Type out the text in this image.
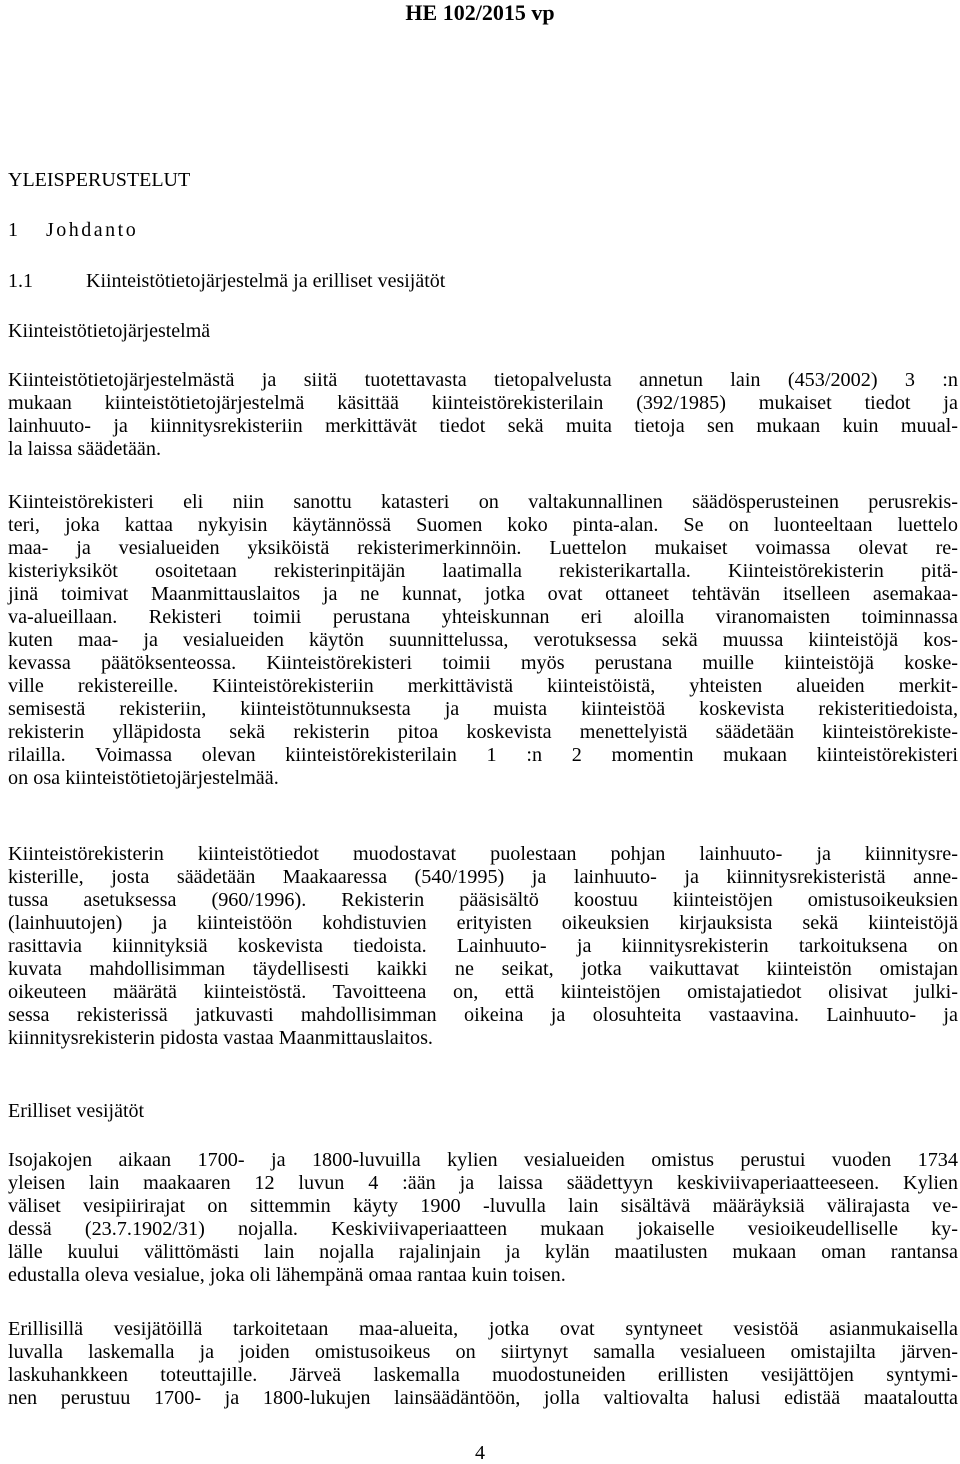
HE 102/2015 vp
YLEISPERUSTELUT
1 Johdanto
1.1	Kiinteistötietojärjestelmä ja erilliset vesijätöt
Kiinteistötietojärjestelmä
Kiinteistötietojärjestelmästä ja siitä tuotettavasta tietopalvelusta annetun lain (453/2002) 3 :n
mukaan kiinteistötietojärjestelmä käsittää kiinteistörekisterilain (392/1985) mukaiset tiedot ja
lainhuuto- ja kiinnitysrekisteriin merkittävät tiedot sekä muita tietoja sen mukaan kuin muual-
la laissa säädetään.
Kiinteistörekisteri eli niin sanottu katasteri on valtakunnallinen säädösperusteinen perusrekis-
teri, joka kattaa nykyisin käytännössä Suomen koko pinta-alan. Se on luonteeltaan luettelo
maa- ja vesialueiden yksiköistä rekisterimerkinnöin. Luettelon mukaiset voimassa olevat re-
kisteriyksiköt osoitetaan rekisterinpitäjän laatimalla rekisterikartalla. Kiinteistörekisterin pitä-
jinä toimivat Maanmittauslaitos ja ne kunnat, jotka ovat ottaneet tehtävän itselleen asemakaa-
va-alueillaan. Rekisteri toimii perustana yhteiskunnan eri aloilla viranomaisten toiminnassa
kuten maa- ja vesialueiden käytön suunnittelussa, verotuksessa sekä muussa kiinteistöjä kos-
kevassa päätöksenteossa. Kiinteistörekisteri toimii myös perustana muille kiinteistöjä koske-
ville rekistereille. Kiinteistörekisteriin merkittävistä kiinteistöistä, yhteisten alueiden merkit-
semisestä rekisteriin, kiinteistötunnuksesta ja muista kiinteistöä koskevista rekisteritiedoista,
rekisterin ylläpidosta sekä rekisterin pitoa koskevista menettelyistä säädetään kiinteistörekiste-
rilailla. Voimassa olevan kiinteistörekisterilain 1 :n 2 momentin mukaan kiinteistörekisteri
on osa kiinteistötietojärjestelmää.
Kiinteistörekisterin kiinteistötiedot muodostavat puolestaan pohjan lainhuuto- ja kiinnitysre-
kisterille, josta säädetään Maakaaressa (540/1995) ja lainhuuto- ja kiinnitysrekisteristä anne-
tussa asetuksessa (960/1996). Rekisterin pääsisältö koostuu kiinteistöjen omistusoikeuksien
(lainhuutojen) ja kiinteistöön kohdistuvien erityisten oikeuksien kirjauksista sekä kiinteistöjä
rasittavia kiinnityksiä koskevista tiedoista. Lainhuuto- ja kiinnitysrekisterin tarkoituksena on
kuvata mahdollisimman täydellisesti kaikki ne seikat, jotka vaikuttavat kiinteistön omistajan
oikeuteen määrätä kiinteistöstä. Tavoitteena on, että kiinteistöjen omistajatiedot olisivat julki-
sessa rekisterissä jatkuvasti mahdollisimman oikeina ja olosuhteita vastaavina. Lainhuuto- ja
kiinnitysrekisterin pidosta vastaa Maanmittauslaitos.
Erilliset vesijätöt
Isojakojen aikaan 1700- ja 1800-luvuilla kylien vesialueiden omistus perustui vuoden 1734
yleisen lain maakaaren 12 luvun 4 :ään ja laissa säädettyyn keskiviivaperiaatteeseen. Kylien
väliset vesipiirirajat on sittemmin käyty 1900 -luvulla lain sisältävä määräyksiä välirajasta ve-
dessä (23.7.1902/31) nojalla. Keskiviivaperiaatteen mukaan jokaiselle vesioikeudelliselle ky-
lälle kuului välittömästi lain nojalla rajalinjain ja kylän maatilusten mukaan oman rantansa
edustalla oleva vesialue, joka oli lähempänä omaa rantaa kuin toisen.
Erillisillä vesijätöillä tarkoitetaan maa-alueita, jotka ovat syntyneet vesistöä asianmukaisella
luvalla laskemalla ja joiden omistusoikeus on siirtynyt samalla vesialueen omistajilta järven-
laskuhankkeen toteuttajille. Järveä laskemalla muodostuneiden erillisten vesijättöjen syntymi-
nen perustuu 1700- ja 1800-lukujen lainsäädäntöön, jolla valtiovalta halusi edistää maataloutta
4
